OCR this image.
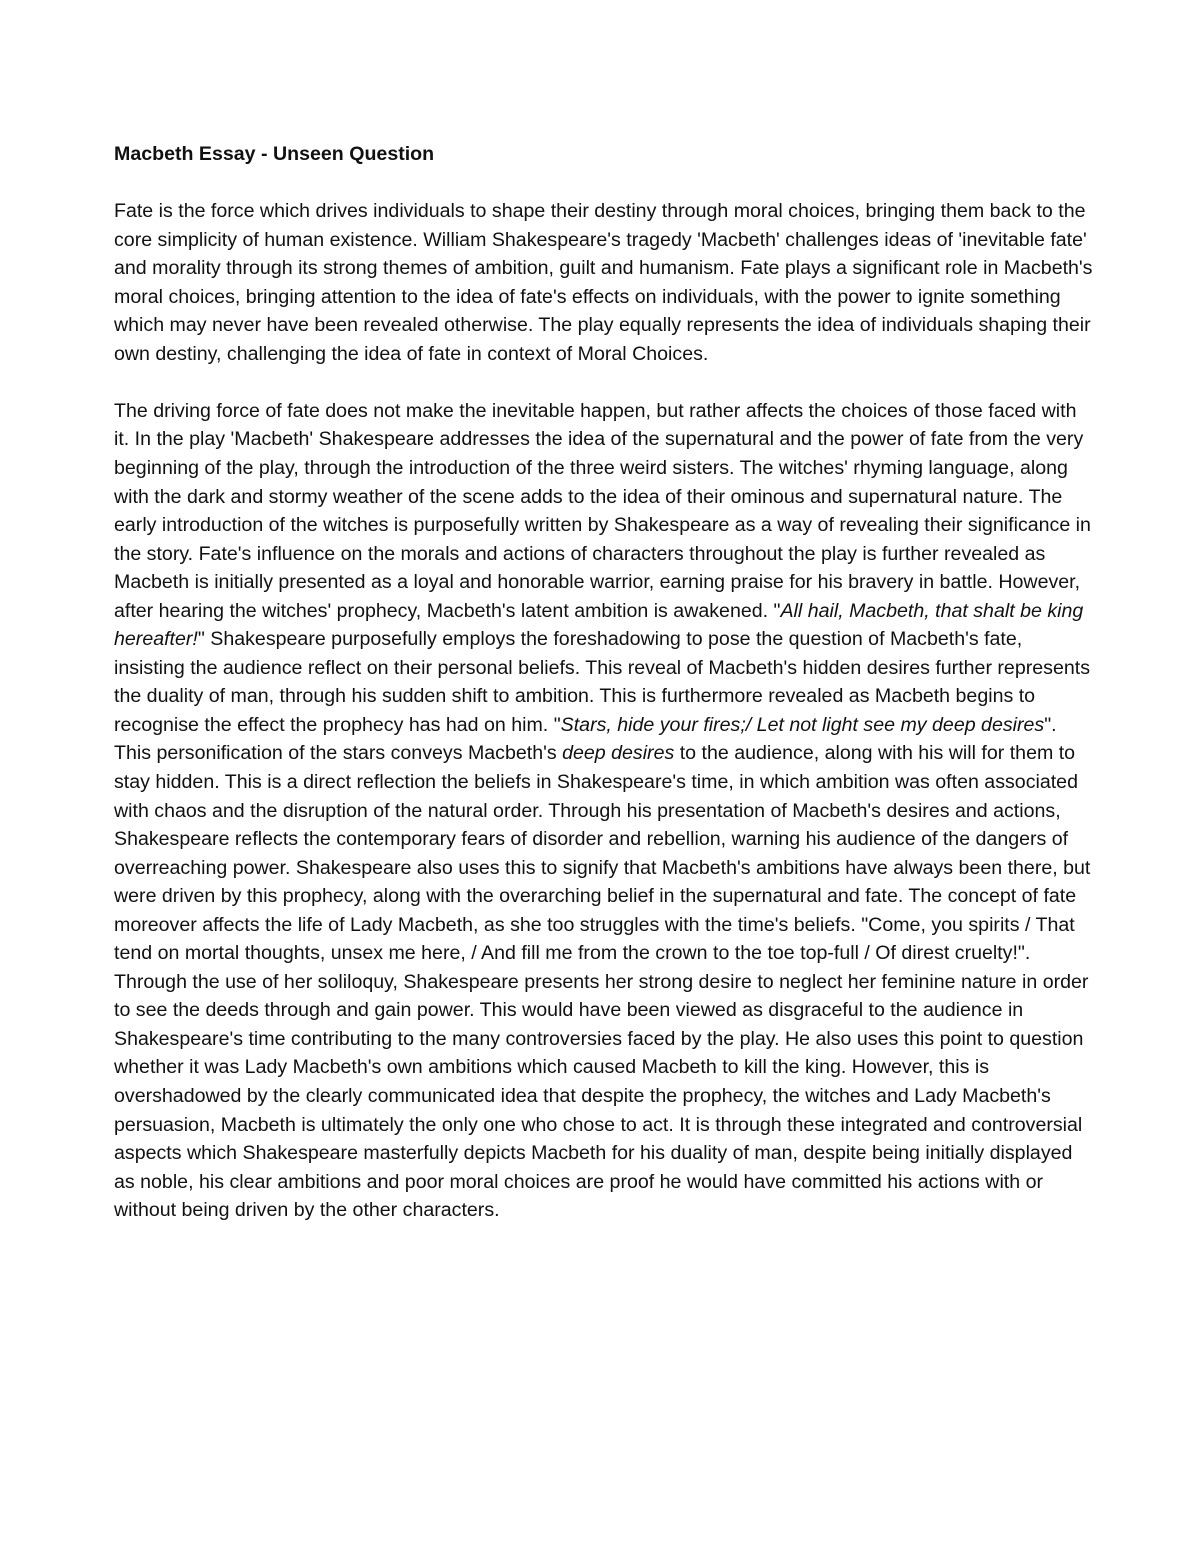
Macbeth Essay - Unseen Question
Fate is the force which drives individuals to shape their destiny through moral choices, bringing them back to the core simplicity of human existence. William Shakespeare's tragedy 'Macbeth' challenges ideas of 'inevitable fate' and morality through its strong themes of ambition, guilt and humanism. Fate plays a significant role in Macbeth's moral choices, bringing attention to the idea of fate's effects on individuals, with the power to ignite something which may never have been revealed otherwise. The play equally represents the idea of individuals shaping their own destiny, challenging the idea of fate in context of Moral Choices.
The driving force of fate does not make the inevitable happen, but rather affects the choices of those faced with it. In the play 'Macbeth' Shakespeare addresses the idea of the supernatural and the power of fate from the very beginning of the play, through the introduction of the three weird sisters. The witches' rhyming language, along with the dark and stormy weather of the scene adds to the idea of their ominous and supernatural nature. The early introduction of the witches is purposefully written by Shakespeare as a way of revealing their significance in the story. Fate's influence on the morals and actions of characters throughout the play is further revealed as Macbeth is initially presented as a loyal and honorable warrior, earning praise for his bravery in battle. However, after hearing the witches' prophecy, Macbeth's latent ambition is awakened. "All hail, Macbeth, that shalt be king hereafter!" Shakespeare purposefully employs the foreshadowing to pose the question of Macbeth's fate, insisting the audience reflect on their personal beliefs. This reveal of Macbeth's hidden desires further represents the duality of man, through his sudden shift to ambition. This is furthermore revealed as Macbeth begins to recognise the effect the prophecy has had on him. "Stars, hide your fires;/ Let not light see my deep desires". This personification of the stars conveys Macbeth's deep desires to the audience, along with his will for them to stay hidden. This is a direct reflection the beliefs in Shakespeare's time, in which ambition was often associated with chaos and the disruption of the natural order. Through his presentation of Macbeth's desires and actions, Shakespeare reflects the contemporary fears of disorder and rebellion, warning his audience of the dangers of overreaching power. Shakespeare also uses this to signify that Macbeth's ambitions have always been there, but were driven by this prophecy, along with the overarching belief in the supernatural and fate. The concept of fate moreover affects the life of Lady Macbeth, as she too struggles with the time's beliefs. "Come, you spirits / That tend on mortal thoughts, unsex me here, / And fill me from the crown to the toe top-full / Of direst cruelty!". Through the use of her soliloquy, Shakespeare presents her strong desire to neglect her feminine nature in order to see the deeds through and gain power. This would have been viewed as disgraceful to the audience in Shakespeare's time contributing to the many controversies faced by the play. He also uses this point to question whether it was Lady Macbeth's own ambitions which caused Macbeth to kill the king. However, this is overshadowed by the clearly communicated idea that despite the prophecy, the witches and Lady Macbeth's persuasion, Macbeth is ultimately the only one who chose to act. It is through these integrated and controversial aspects which Shakespeare masterfully depicts Macbeth for his duality of man, despite being initially displayed as noble, his clear ambitions and poor moral choices are proof he would have committed his actions with or without being driven by the other characters.
